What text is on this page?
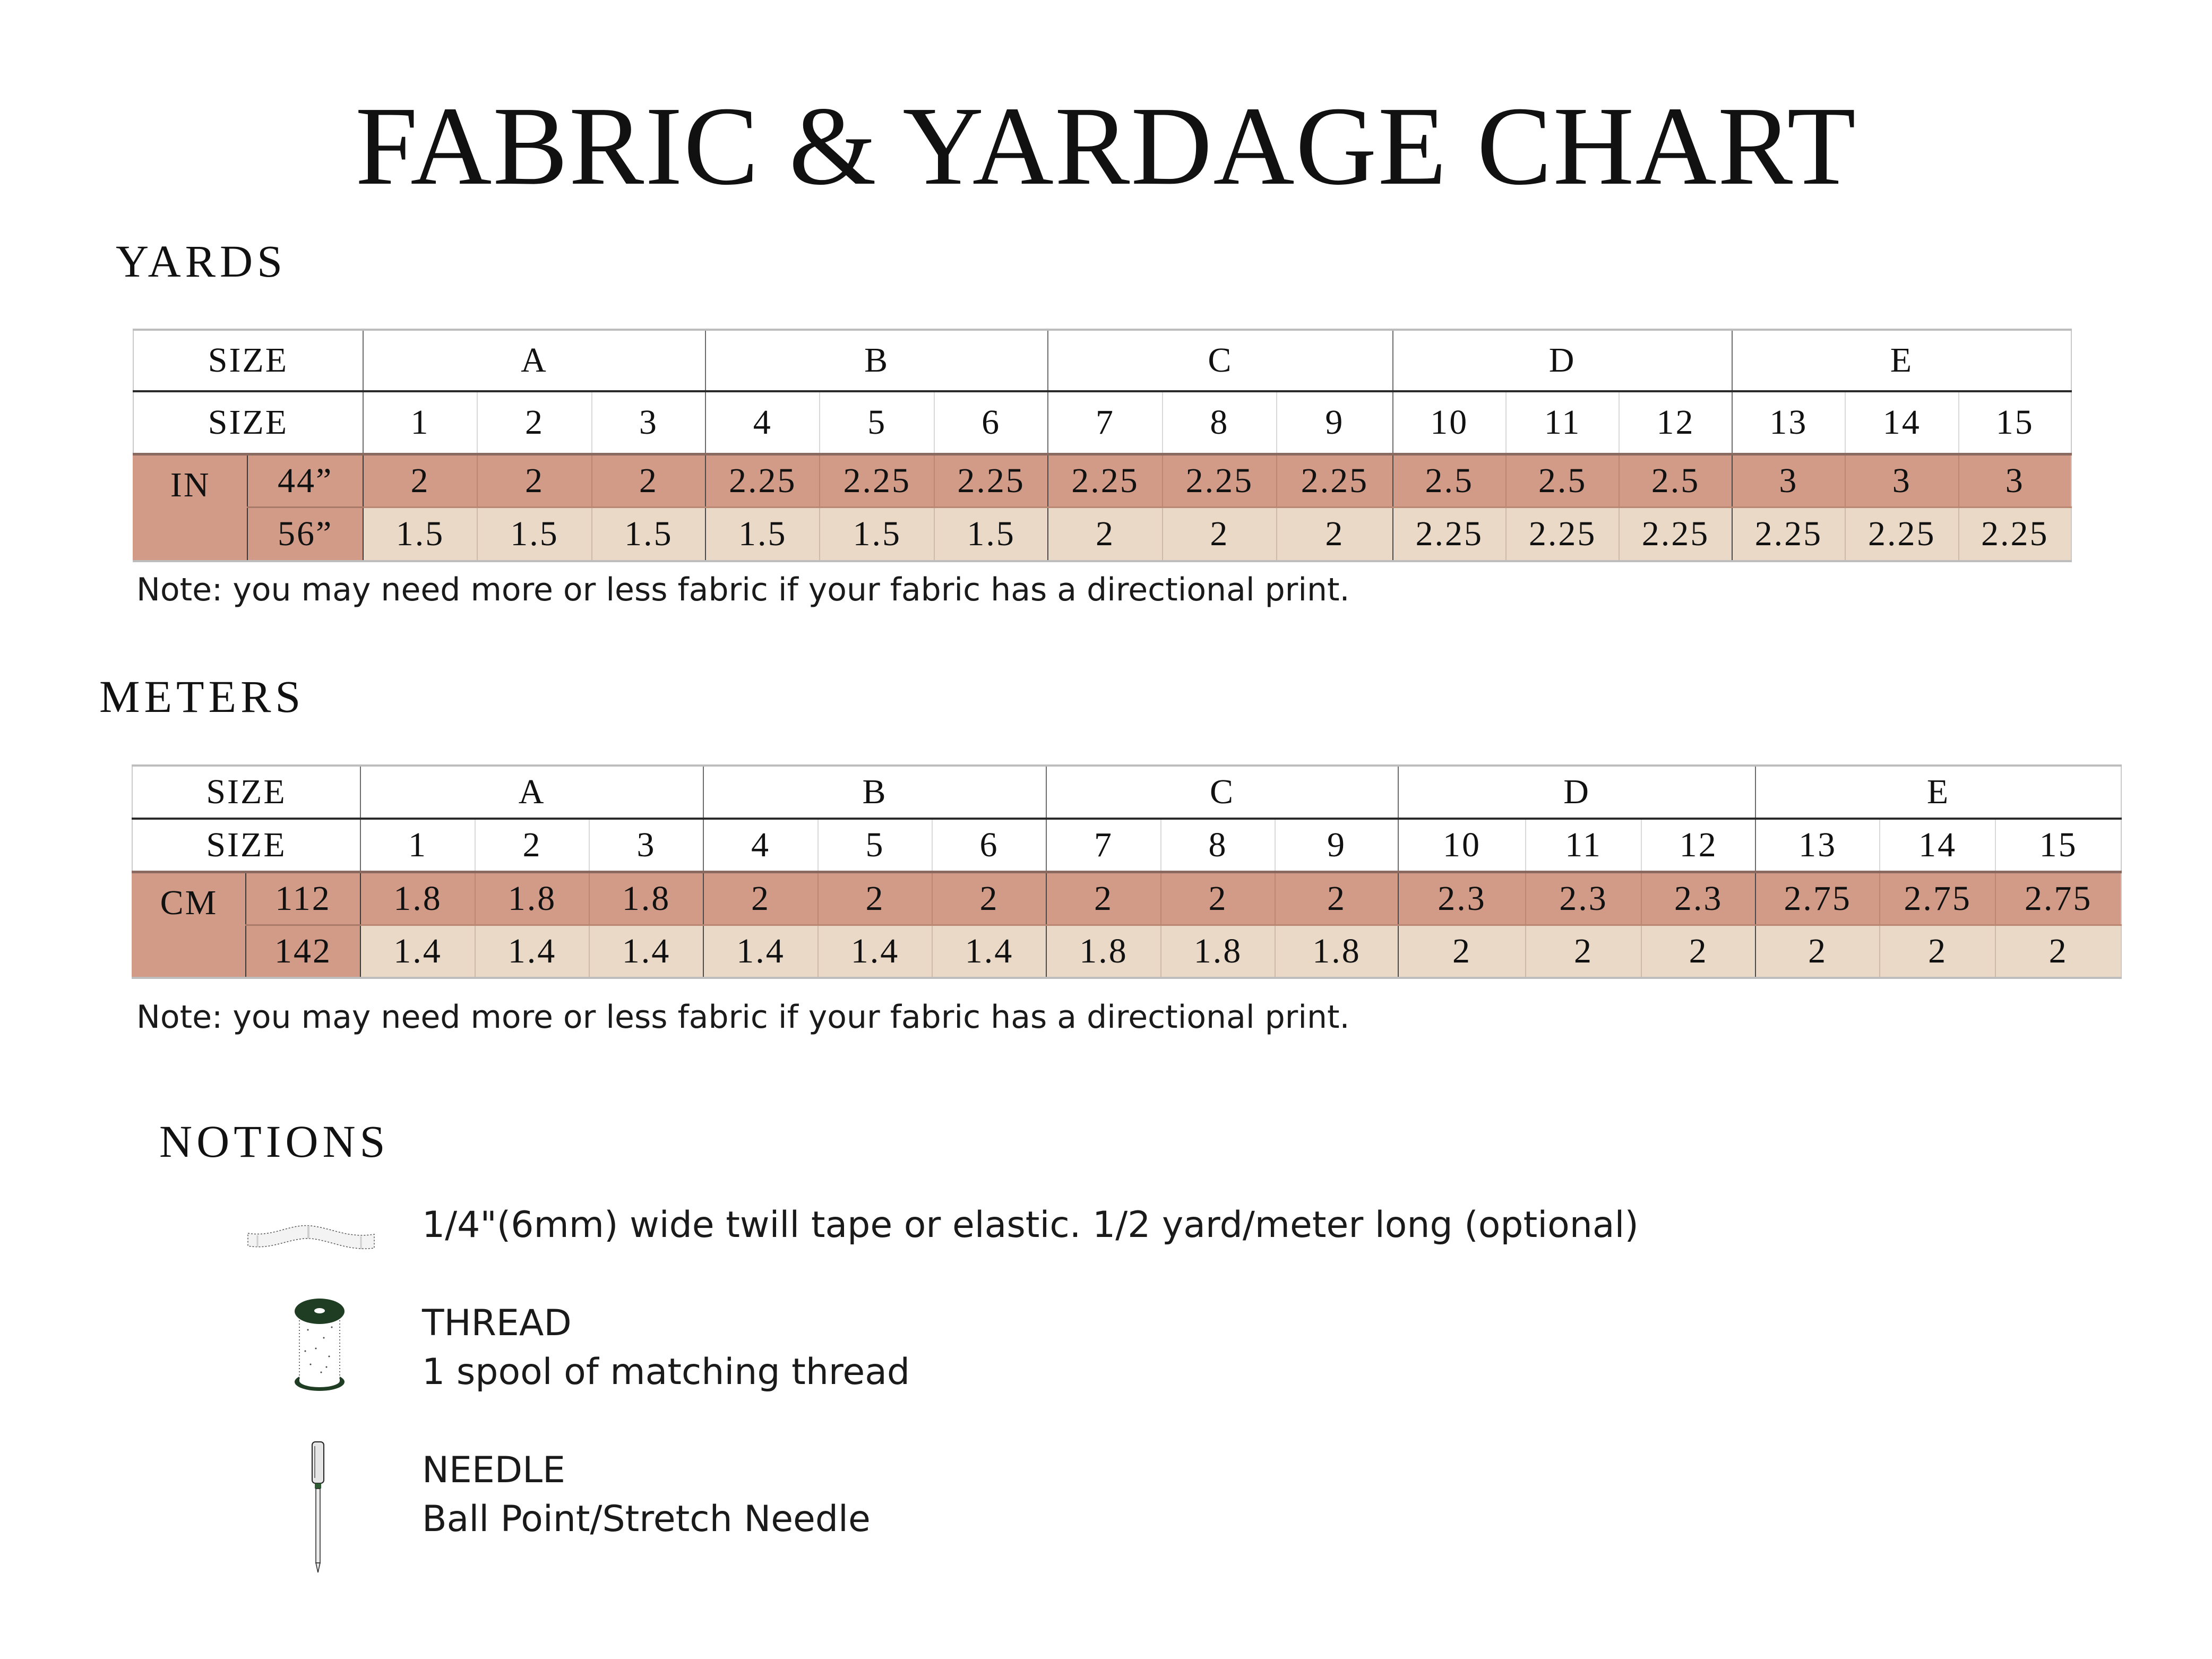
FABRIC & YARDAGE CHART
YARDS
SIZE		A			B			C			D			E		
SIZE		1	2	3	4	5	6	7	8	9	10	11	12	13	14	15
IN	44”	2	2	2	2.25	2.25	2.25	2.25	2.25	2.25	2.5	2.5	2.5	3	3	3
	56”	1.5	1.5	1.5	1.5	1.5	1.5	2	2	2	2.25	2.25	2.25	2.25	2.25	2.25
Note: you may need more or less fabric if your fabric has a directional print.
METERS
SIZE		A			B			C			D			E		
SIZE		1	2	3	4	5	6	7	8	9	10	11	12	13	14	15
CM	112	1.8	1.8	1.8	2	2	2	2	2	2	2.3	2.3	2.3	2.75	2.75	2.75
	142	1.4	1.4	1.4	1.4	1.4	1.4	1.8	1.8	1.8	2	2	2	2	2	2
Note: you may need more or less fabric if your fabric has a directional print.
NOTIONS
1/4"(6mm) wide twill tape or elastic. 1/2 yard/meter long (optional)
THREAD
1 spool of matching thread
NEEDLE
Ball Point/Stretch Needle
